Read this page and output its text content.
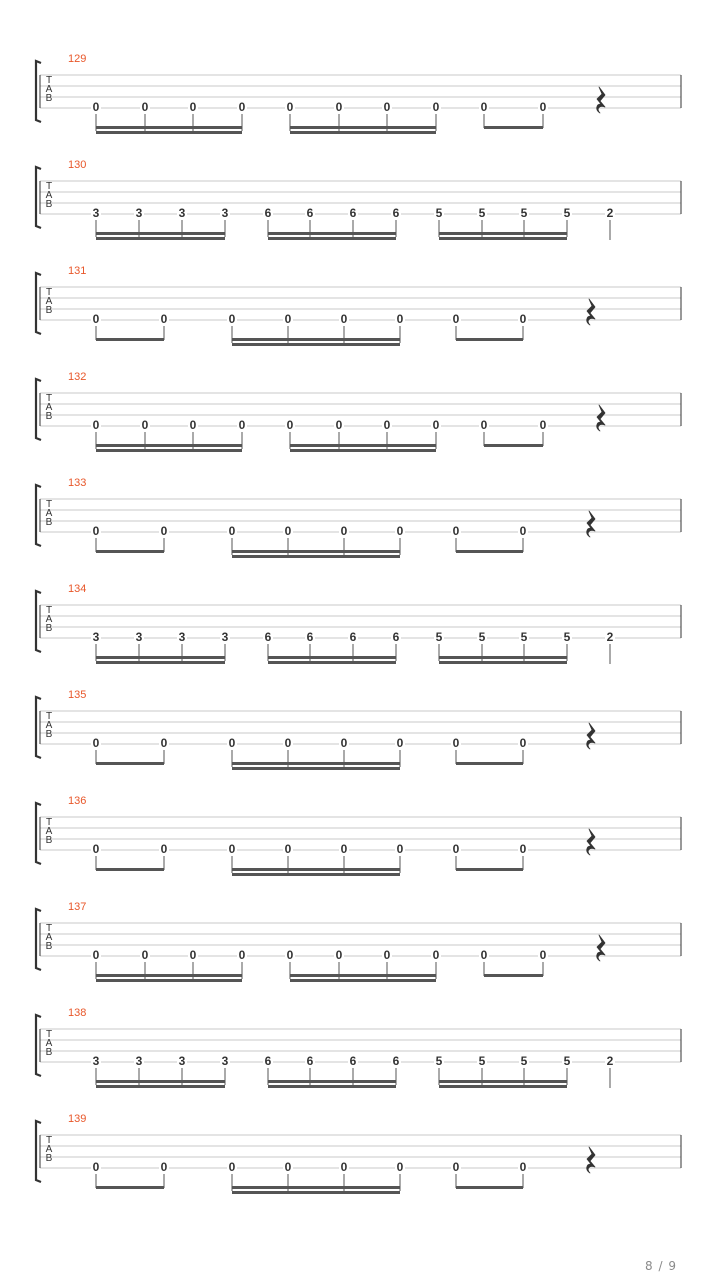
129
T
A
B
0	0	0	0	0	0	0	0	0	0
130
T
A
B
3	3	3	3	6	6	6	6	5	5	5	5	2
131
T
A
B
0	0	0	0	0	0	0	0
132
T
A
B
0	0	0	0	0	0	0	0	0	0
133
T
A
B
0	0	0	0	0	0	0	0
134
T
A
B
3	3	3	3	6	6	6	6	5	5	5	5	2
135
T
A
B
0	0	0	0	0	0	0	0
136
T
A
B
0	0	0	0	0	0	0	0
137
T
A
B
0	0	0	0	0	0	0	0	0	0
138
T
A
B
3	3	3	3	6	6	6	6	5	5	5	5	2
139
T
A
B
0	0	0	0	0	0	0	0
8 / 9
